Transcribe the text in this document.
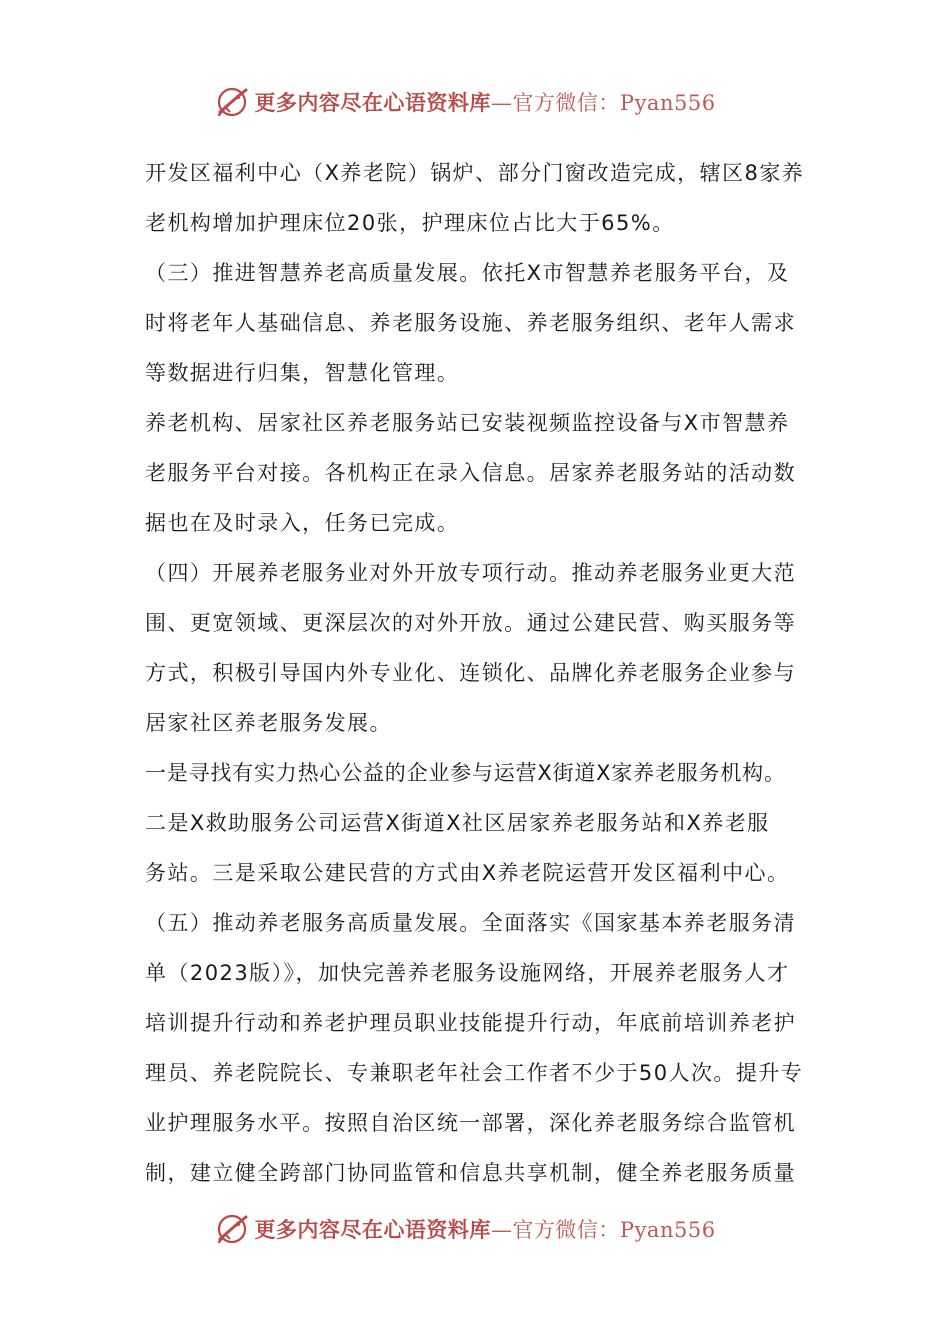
更多内容尽在心语资料库—官方微信：Pyan556
开发区福利中心（X养老院）锅炉、部分门窗改造完成，辖区8家养
老机构增加护理床位20张，护理床位占比大于65%。
（三）推进智慧养老高质量发展。依托X市智慧养老服务平台，及
时将老年人基础信息、养老服务设施、养老服务组织、老年人需求
等数据进行归集，智慧化管理。
养老机构、居家社区养老服务站已安装视频监控设备与X市智慧养
老服务平台对接。各机构正在录入信息。居家养老服务站的活动数
据也在及时录入，任务已完成。
（四）开展养老服务业对外开放专项行动。推动养老服务业更大范
围、更宽领域、更深层次的对外开放。通过公建民营、购买服务等
方式，积极引导国内外专业化、连锁化、品牌化养老服务企业参与
居家社区养老服务发展。
一是寻找有实力热心公益的企业参与运营X街道X家养老服务机构。
二是X救助服务公司运营X街道X社区居家养老服务站和X养老服
务站。三是采取公建民营的方式由X养老院运营开发区福利中心。
（五）推动养老服务高质量发展。全面落实《国家基本养老服务清
单（2023版）》，加快完善养老服务设施网络，开展养老服务人才
培训提升行动和养老护理员职业技能提升行动，年底前培训养老护
理员、养老院院长、专兼职老年社会工作者不少于50人次。提升专
业护理服务水平。按照自治区统一部署，深化养老服务综合监管机
制，建立健全跨部门协同监管和信息共享机制，健全养老服务质量
更多内容尽在心语资料库—官方微信：Pyan556
